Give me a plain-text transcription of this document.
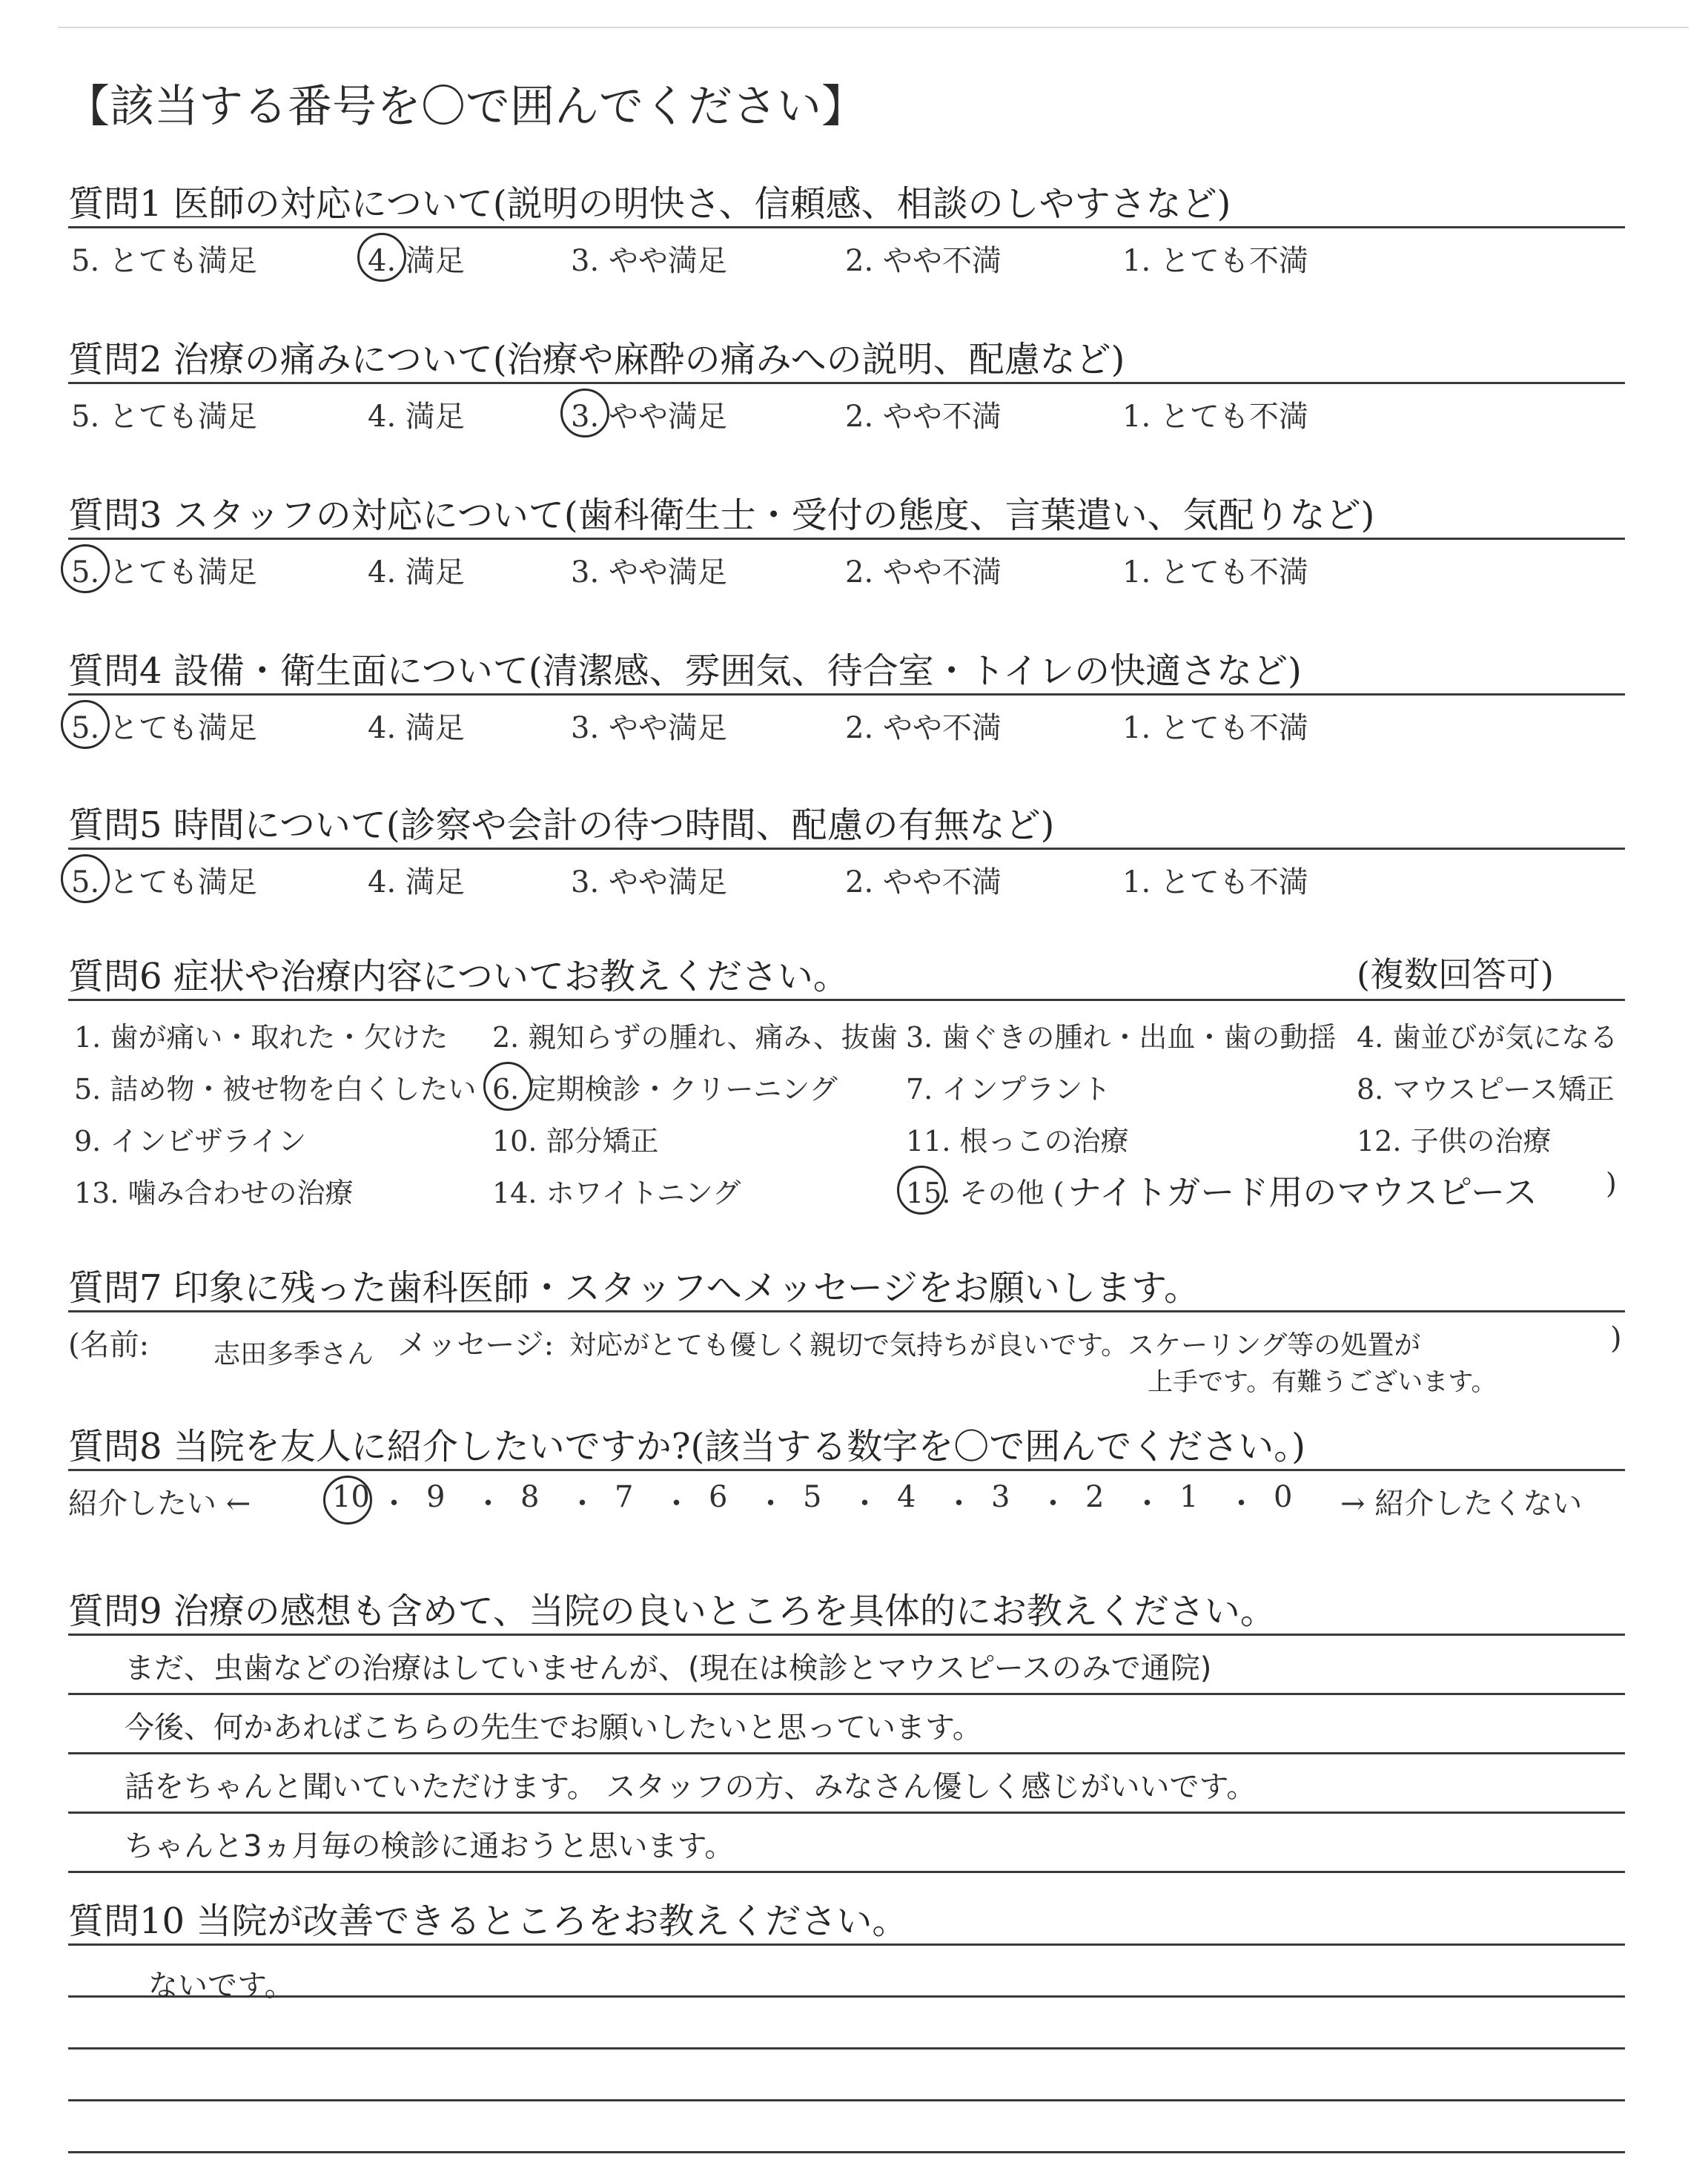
【該当する番号を〇で囲んでください】
質問1 医師の対応について(説明の明快さ、信頼感、相談のしやすさなど)
5. とても満足	4. 満足	3. やや満足	2. やや不満	1. とても不満
質問2 治療の痛みについて(治療や麻酔の痛みへの説明、配慮など)
5. とても満足	4. 満足	3. やや満足	2. やや不満	1. とても不満
質問3 スタッフの対応について(歯科衛生士・受付の態度、言葉遣い、気配りなど)
5. とても満足	4. 満足	3. やや満足	2. やや不満	1. とても不満
質問4 設備・衛生面について(清潔感、雰囲気、待合室・トイレの快適さなど)
5. とても満足	4. 満足	3. やや満足	2. やや不満	1. とても不満
質問5 時間について(診察や会計の待つ時間、配慮の有無など)
5. とても満足	4. 満足	3. やや満足	2. やや不満	1. とても不満
質問6 症状や治療内容についてお教えください。	(複数回答可)
1. 歯が痛い・取れた・欠けた 2. 親知らずの腫れ、痛み、抜歯 3. 歯ぐきの腫れ・出血・歯の動揺 4. 歯並びが気になる
5. 詰め物・被せ物を白くしたい 6. 定期検診・クリーニング 7. インプラント	8. マウスピース矯正
9. インビザライン	10. 部分矯正	11. 根っこの治療	12. 子供の治療
13. 噛み合わせの治療	14. ホワイトニング	15. その他 (	)
ナイトガード用のマウスピース
質問7 印象に残った歯科医師・スタッフへメッセージをお願いします。
(名前: 志田多季さん メッセージ: 対応がとても優しく親切で気持ちが良いです。スケーリング等の処置が
上手です。有難うございます。
)
質問8 当院を友人に紹介したいですか?(該当する数字を〇で囲んでください。)
紹介したい ←	10 ・ 9 ・ 8 ・ 7 ・ 6 ・ 5 ・ 4 ・ 3 ・ 2 ・ 1 ・ 0 → 紹介したくない
質問9 治療の感想も含めて、当院の良いところを具体的にお教えください。
まだ、虫歯などの治療はしていませんが、(現在は検診とマウスピースのみで通院)
今後、何かあればこちらの先生でお願いしたいと思っています。
話をちゃんと聞いていただけます。 スタッフの方、みなさん優しく感じがいいです。
ちゃんと3ヵ月毎の検診に通おうと思います。
質問10 当院が改善できるところをお教えください。
ないです。
